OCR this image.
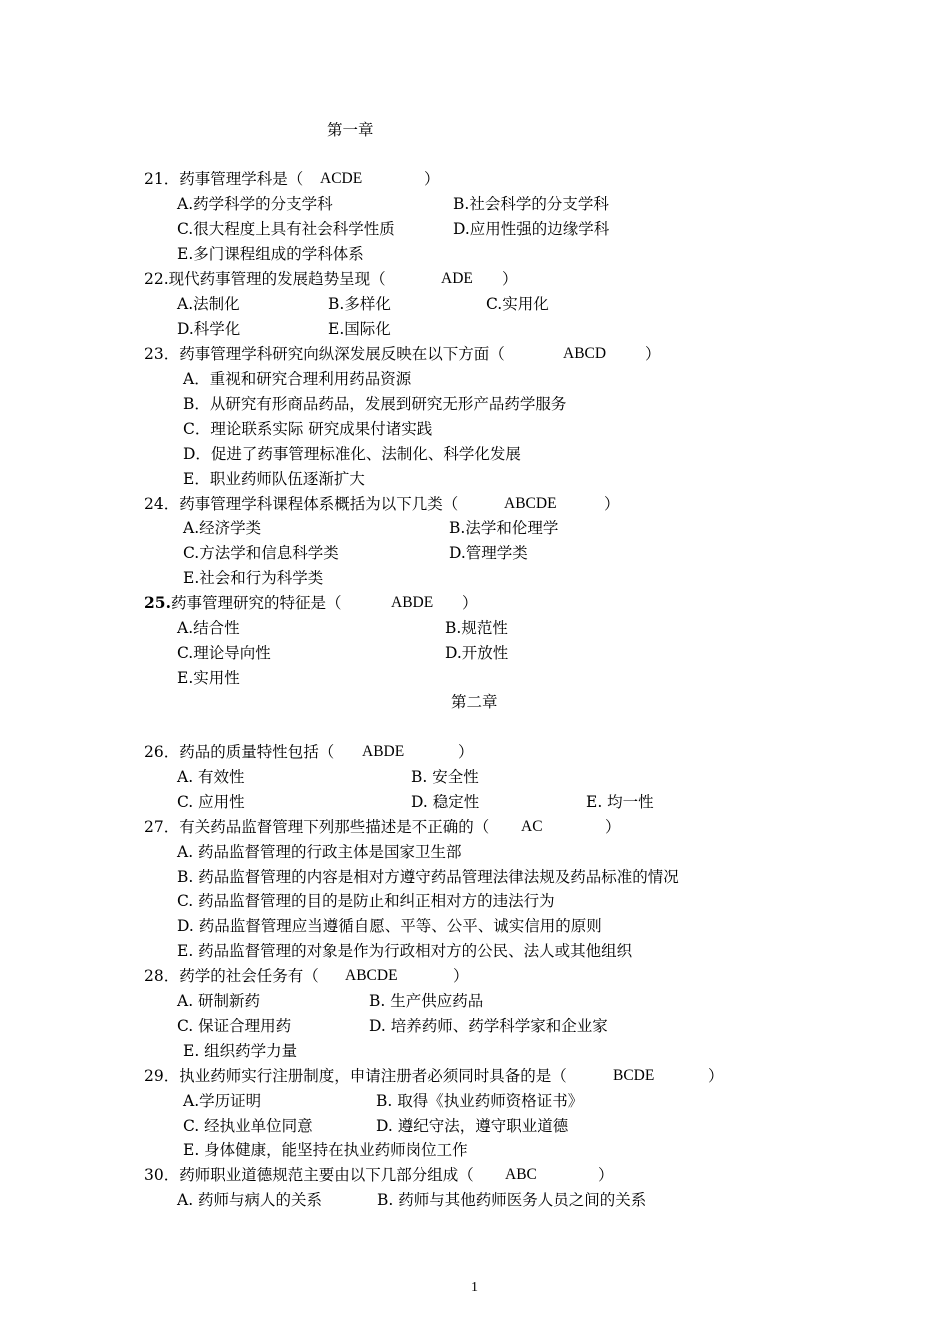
第一章
21．药事管理学科是（ ACDE	）
A.药学科学的分支学科	B.社会科学的分支学科
C.很大程度上具有社会科学性质	D.应用性强的边缘学科
E.多门课程组成的学科体系
22.现代药事管理的发展趋势呈现（	ADE ）
A.法制化	B.多样化	C.实用化
D.科学化	E.国际化
23．药事管理学科研究向纵深发展反映在以下方面（	ABCD	）
A．重视和研究合理利用药品资源
B．从研究有形商品药品，发展到研究无形产品药学服务
C．理论联系实际 研究成果付诸实践
D．促进了药事管理标准化、法制化、科学化发展
E．职业药师队伍逐渐扩大
24．药事管理学科课程体系概括为以下几类（	ABCDE	）
A.经济学类	B.法学和伦理学
C.方法学和信息科学类	D.管理学类
E.社会和行为科学类
25.药事管理研究的特征是（	ABDE ）
A.结合性	B.规范性
C.理论导向性	D.开放性
E.实用性
第二章
26．药品的质量特性包括（ ABDE	）
A. 有效性	B. 安全性
C. 应用性	D. 稳定性	E. 均一性
27．有关药品监督管理下列那些描述是不正确的（ AC	）
A. 药品监督管理的行政主体是国家卫生部
B. 药品监督管理的内容是相对方遵守药品管理法律法规及药品标准的情况
C. 药品监督管理的目的是防止和纠正相对方的违法行为
D. 药品监督管理应当遵循自愿、平等、公平、诚实信用的原则
E. 药品监督管理的对象是作为行政相对方的公民、法人或其他组织
28．药学的社会任务有（ ABCDE	）
A. 研制新药	B. 生产供应药品
C. 保证合理用药	D. 培养药师、药学科学家和企业家
E. 组织药学力量
29．执业药师实行注册制度，申请注册者必须同时具备的是（	BCDE	）
A.学历证明	B. 取得《执业药师资格证书》
C. 经执业单位同意	D. 遵纪守法，遵守职业道德
E. 身体健康，能坚持在执业药师岗位工作
30．药师职业道德规范主要由以下几部分组成（ ABC	）
A. 药师与病人的关系	B. 药师与其他药师医务人员之间的关系
1
